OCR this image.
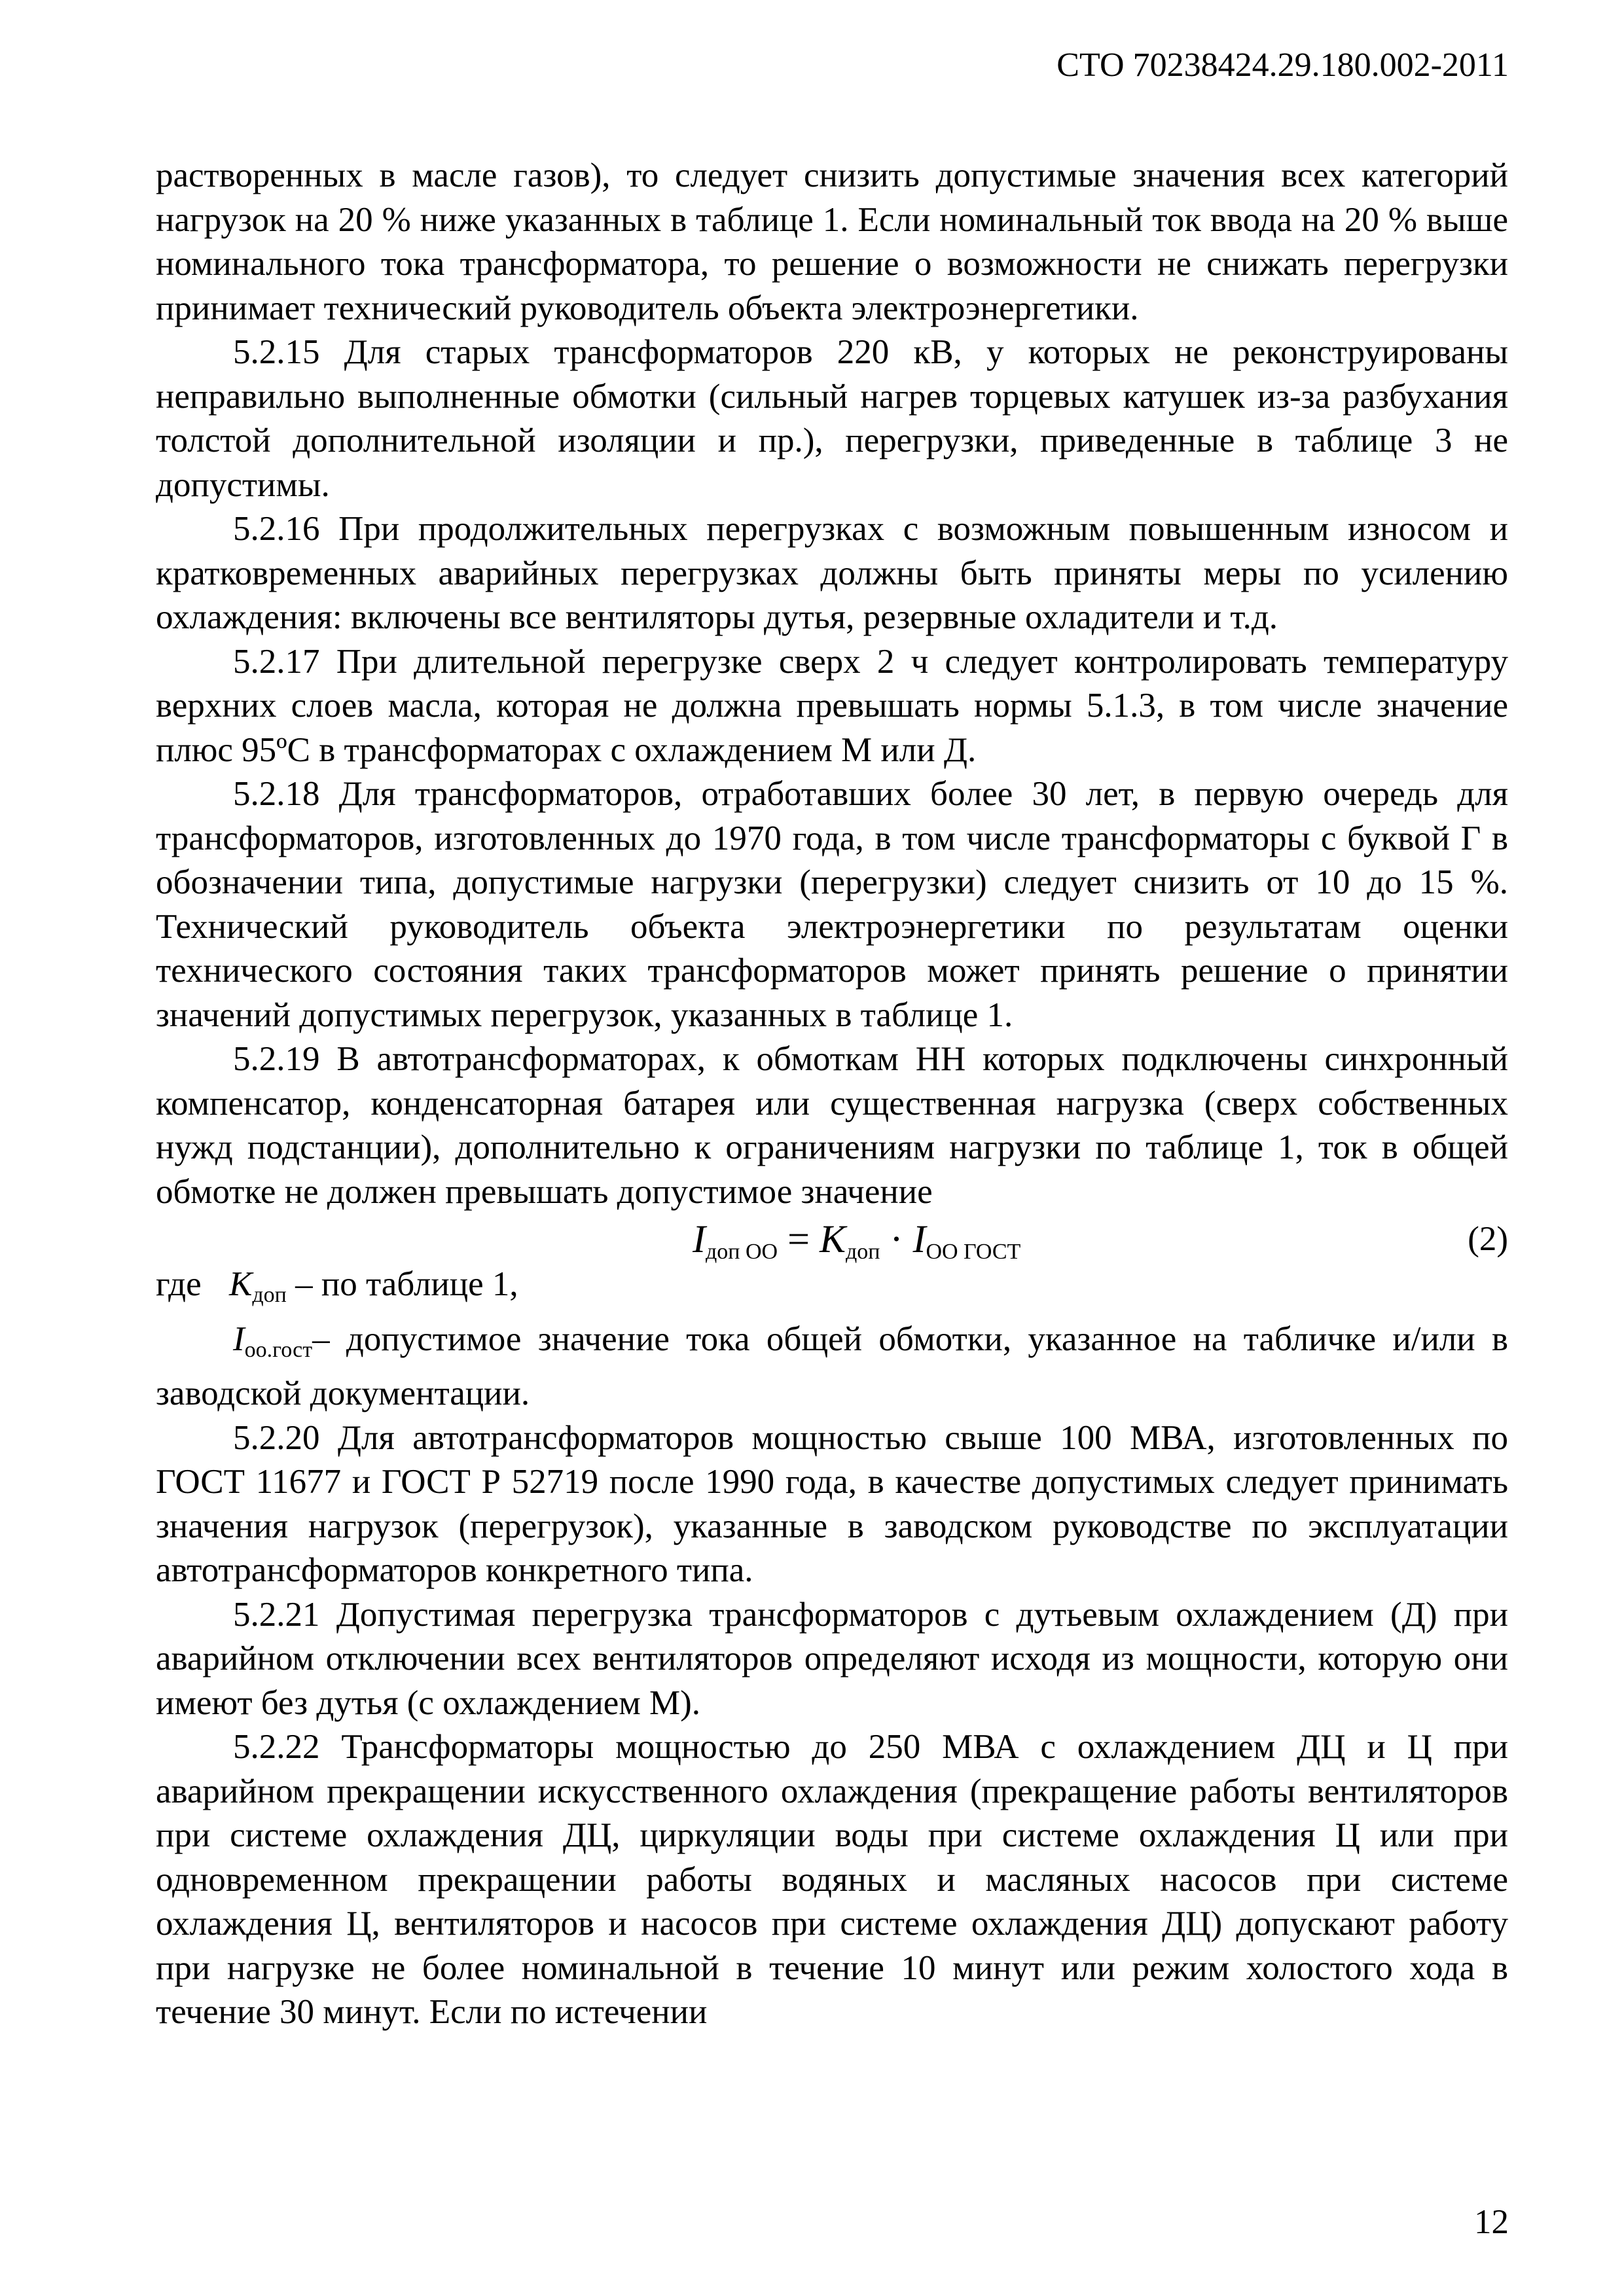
СТО 70238424.29.180.002-2011

растворенных в масле газов), то следует снизить допустимые значения всех категорий нагрузок на 20 % ниже указанных в таблице 1. Если номинальный ток ввода на 20 % выше номинального тока трансформатора, то решение о возможности не снижать перегрузки принимает технический руководитель объекта электроэнергетики.

5.2.15 Для старых трансформаторов 220 кВ, у которых не реконструированы неправильно выполненные обмотки (сильный нагрев торцевых катушек из-за разбухания толстой дополнительной изоляции и пр.), перегрузки, приведенные в таблице 3 не допустимы.

5.2.16 При продолжительных перегрузках с возможным повышенным износом и кратковременных аварийных перегрузках должны быть приняты меры по усилению охлаждения: включены все вентиляторы дутья, резервные охладители и т.д.

5.2.17 При длительной перегрузке сверх 2 ч следует контролировать температуру верхних слоев масла, которая не должна превышать нормы 5.1.3, в том числе значение плюс 95ºС в трансформаторах с охлаждением М или Д.

5.2.18 Для трансформаторов, отработавших более 30 лет, в первую очередь для трансформаторов, изготовленных до 1970 года, в том числе трансформаторы с буквой Г в обозначении типа, допустимые нагрузки (перегрузки) следует снизить от 10 до 15 %. Технический руководитель объекта электроэнергетики по результатам оценки технического состояния таких трансформаторов может принять решение о принятии значений допустимых перегрузок, указанных в таблице 1.

5.2.19 В автотрансформаторах, к обмоткам НН которых подключены синхронный компенсатор, конденсаторная батарея или существенная нагрузка (сверх собственных нужд подстанции), дополнительно к ограничениям нагрузки по таблице 1, ток в общей обмотке не должен превышать допустимое значение

$I_{доп ОО} = K_{доп} \cdot I_{ОО ГОСТ}$	(2)

где $K_{доп}$ – по таблице 1,

$I_{оо.гост}-$ допустимое значение тока общей обмотки, указанное на табличке и/или в заводской документации.

5.2.20 Для автотрансформаторов мощностью свыше 100 МВА, изготовленных по ГОСТ 11677 и ГОСТ Р 52719 после 1990 года, в качестве допустимых следует принимать значения нагрузок (перегрузок), указанные в заводском руководстве по эксплуатации автотрансформаторов конкретного типа.

5.2.21 Допустимая перегрузка трансформаторов с дутьевым охлаждением (Д) при аварийном отключении всех вентиляторов определяют исходя из мощности, которую они имеют без дутья (с охлаждением М).

5.2.22 Трансформаторы мощностью до 250 МВА с охлаждением ДЦ и Ц при аварийном прекращении искусственного охлаждения (прекращение работы вентиляторов при системе охлаждения ДЦ, циркуляции воды при системе охлаждения Ц или при одновременном прекращении работы водяных и масляных насосов при системе охлаждения Ц, вентиляторов и насосов при системе охлаждения ДЦ) допускают работу при нагрузке не более номинальной в течение 10 минут или режим холостого хода в течение 30 минут. Если по истечении

12
